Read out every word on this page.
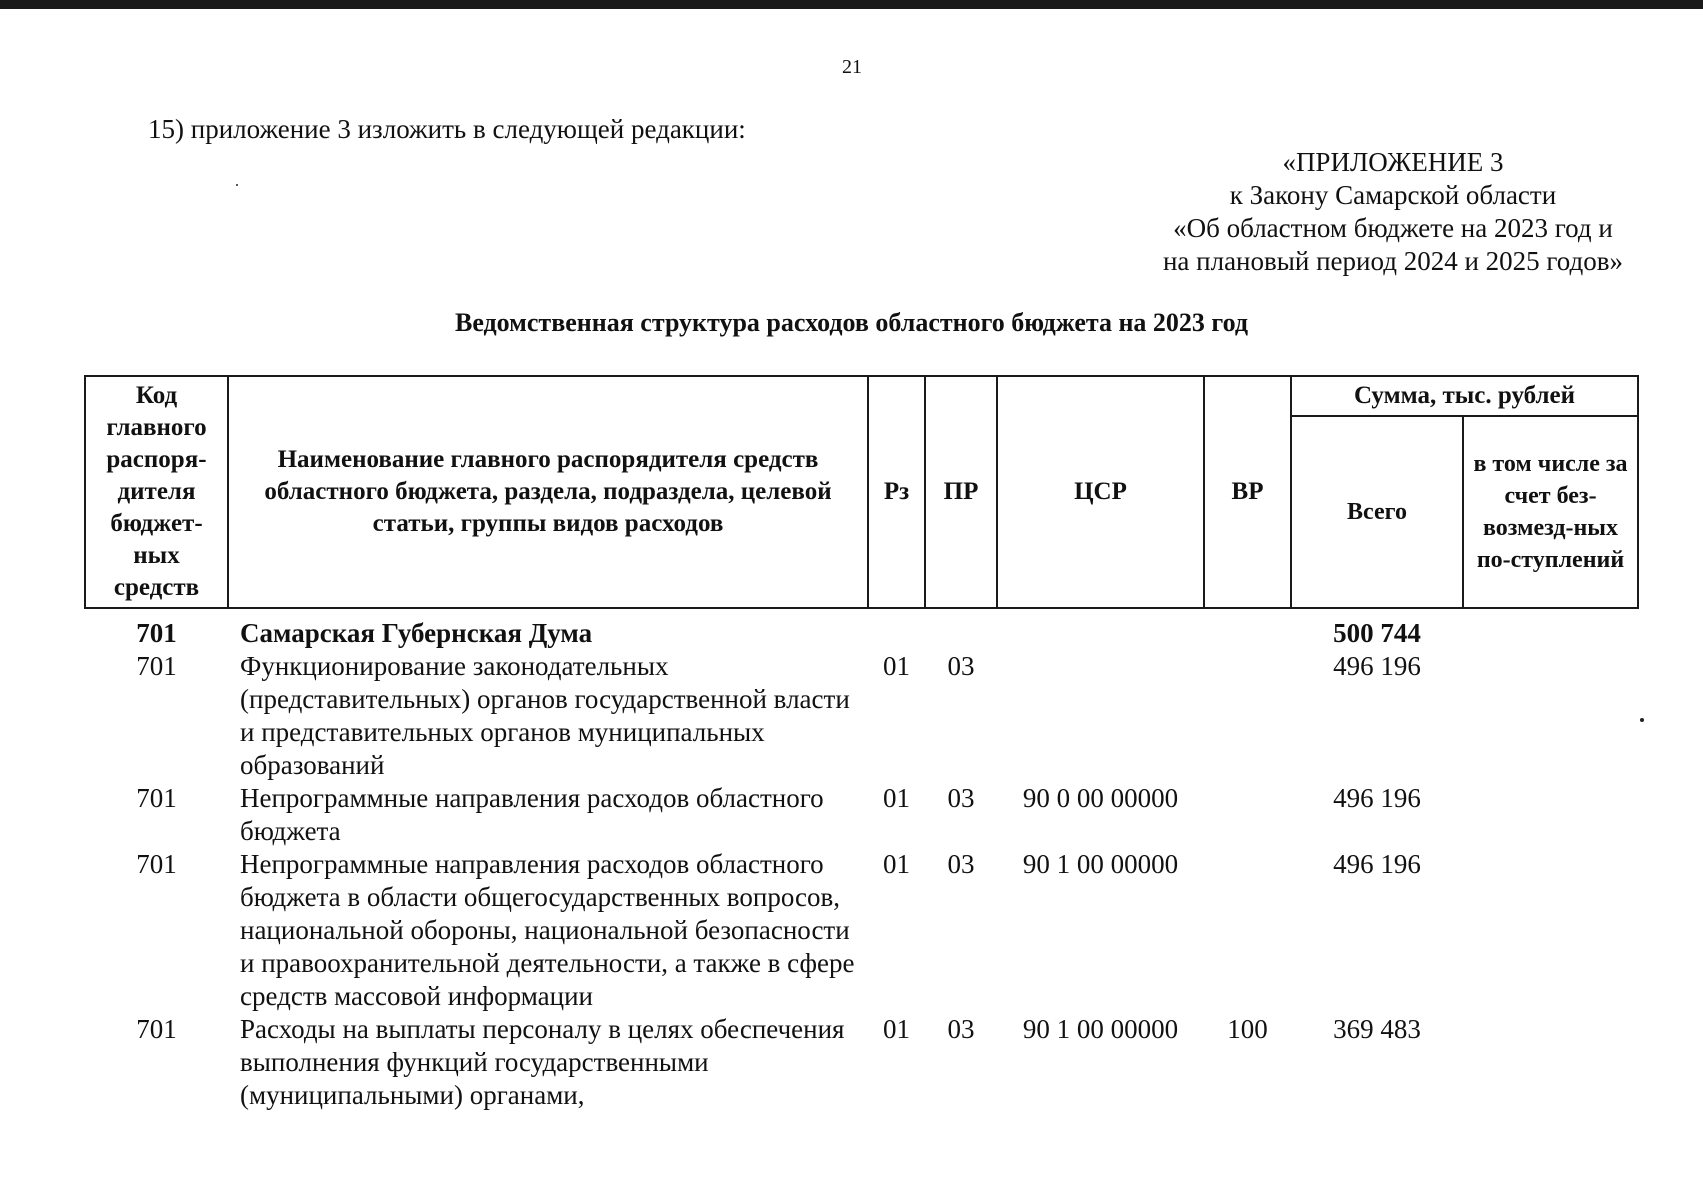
21
15) приложение 3 изложить в следующей редакции:
«ПРИЛОЖЕНИЕ 3
к Закону Самарской области
«Об областном бюджете на 2023 год и
на плановый период 2024 и 2025 годов»
Ведомственная структура расходов областного бюджета на 2023 год
Код главного распоря-дителя бюджет-ных средств	Наименование главного распорядителя средств областного бюджета, раздела, подраздела, целевой статьи, группы видов расходов	Рз	ПР	ЦСР	ВР	Сумма, тыс. рублей	
						Всего	в том числе за счет без-возмезд-ных по-ступлений
701	Самарская Губернская Дума					500 744	
701	Функционирование законодательных (представительных) органов государственной власти и представительных органов муниципальных образований	01	03			496 196	
701	Непрограммные направления расходов областного бюджета	01	03	90 0 00 00000		496 196	
701	Непрограммные направления расходов областного бюджета в области общегосударственных вопросов, национальной обороны, национальной безопасности и правоохранительной деятельности, а также в сфере средств массовой информации	01	03	90 1 00 00000		496 196	
701	Расходы на выплаты персоналу в целях обеспечения выполнения функций государственными (муниципальными) органами,	01	03	90 1 00 00000	100	369 483	
